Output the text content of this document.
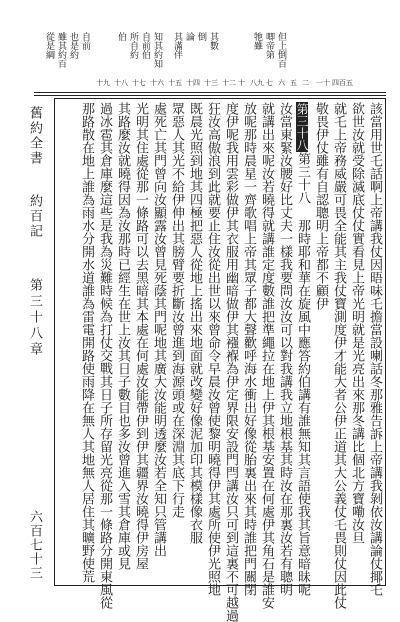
但上倒百
唧帝第
牠雖
其數
倒
論
其滿伴
知其約知
自前伯
所自約
伯
自前
也是約
雖其約百
從是綱
四百五
一十
二
五
六
七
八九
十
十二
十三
十四
十五
十六
十七
十八
十九
舊約全書
約百記
第三十八章
六百七十三	該當用世乇話啊上帝講我仗因晤味乇擔當設喇話冬那雅告訴上帝講我剝依汝講論仗揶乇
欲世汝就受除滅底仗仗實看見上帝光明就是光亮出來那冬講比個北方寶嘞汝旦
就乇上帝務威嚴可畏全能其主我仗寶測度伊才能大者公伊正道其大公義仗乇畏則仗因此仗
敬畏伊仗雖有自認聰明上帝都不顧伊
第三十八第三十八 那時耶和華在旋風中應答約伯講有誰無知其言語使我其旨意暗昧呢
汝當東緊汝腰好比丈夫一樣我要問汝汝可以對我講我立地根基其時汝在那裏汝若有聰明
就講出來呢汝若曉得就講誰定度數誰把準繩拉在地上伊其根基安置在何處伊其角石是誰安
放呢那時晨星一齊歌唱上帝其眾子都大聲歡呼海水衝出好像從胎裏出來其時誰把門關閉
度伊呢我用雲彩做伊其衣服用幽暗做伊其襁褓為伊定界限安設門閂講汝只可到這裏不可越過
狂汝高傲浪到此就要止住汝從出世以來曾命令早晨汝曾使黎明曉得伊其處所使伊光照地
既晨光照到地其四極把惡人從地上搖出來地面就改變好像泥加印其模樣像衣服
眾惡人其光不給伊伸出其膀臂要折斷汝曾進到海源頭或在深淵其底下行走
處死亡其門曾向汝顯露汝曾見死蔭其門呢地其廣大汝能明透麼汝若全知只管講出
光明其住處從那一條路可以去黑暗其本處在何處汝能帶伊到伊其疆界汝曉得伊房屋
其路麼汝就曉得因為汝那時已經生在世上汝其日子數目也多汝曾進入雪其倉庫或見
過冰雹其倉庫麼這些是我為災難時候為打仗交戰其日子所存留光亮從那一條路分開東風從
那路散在地上誰為雨水分開水道誰為雷電開路使雨降在無人其地無人居住其曠野使荒
